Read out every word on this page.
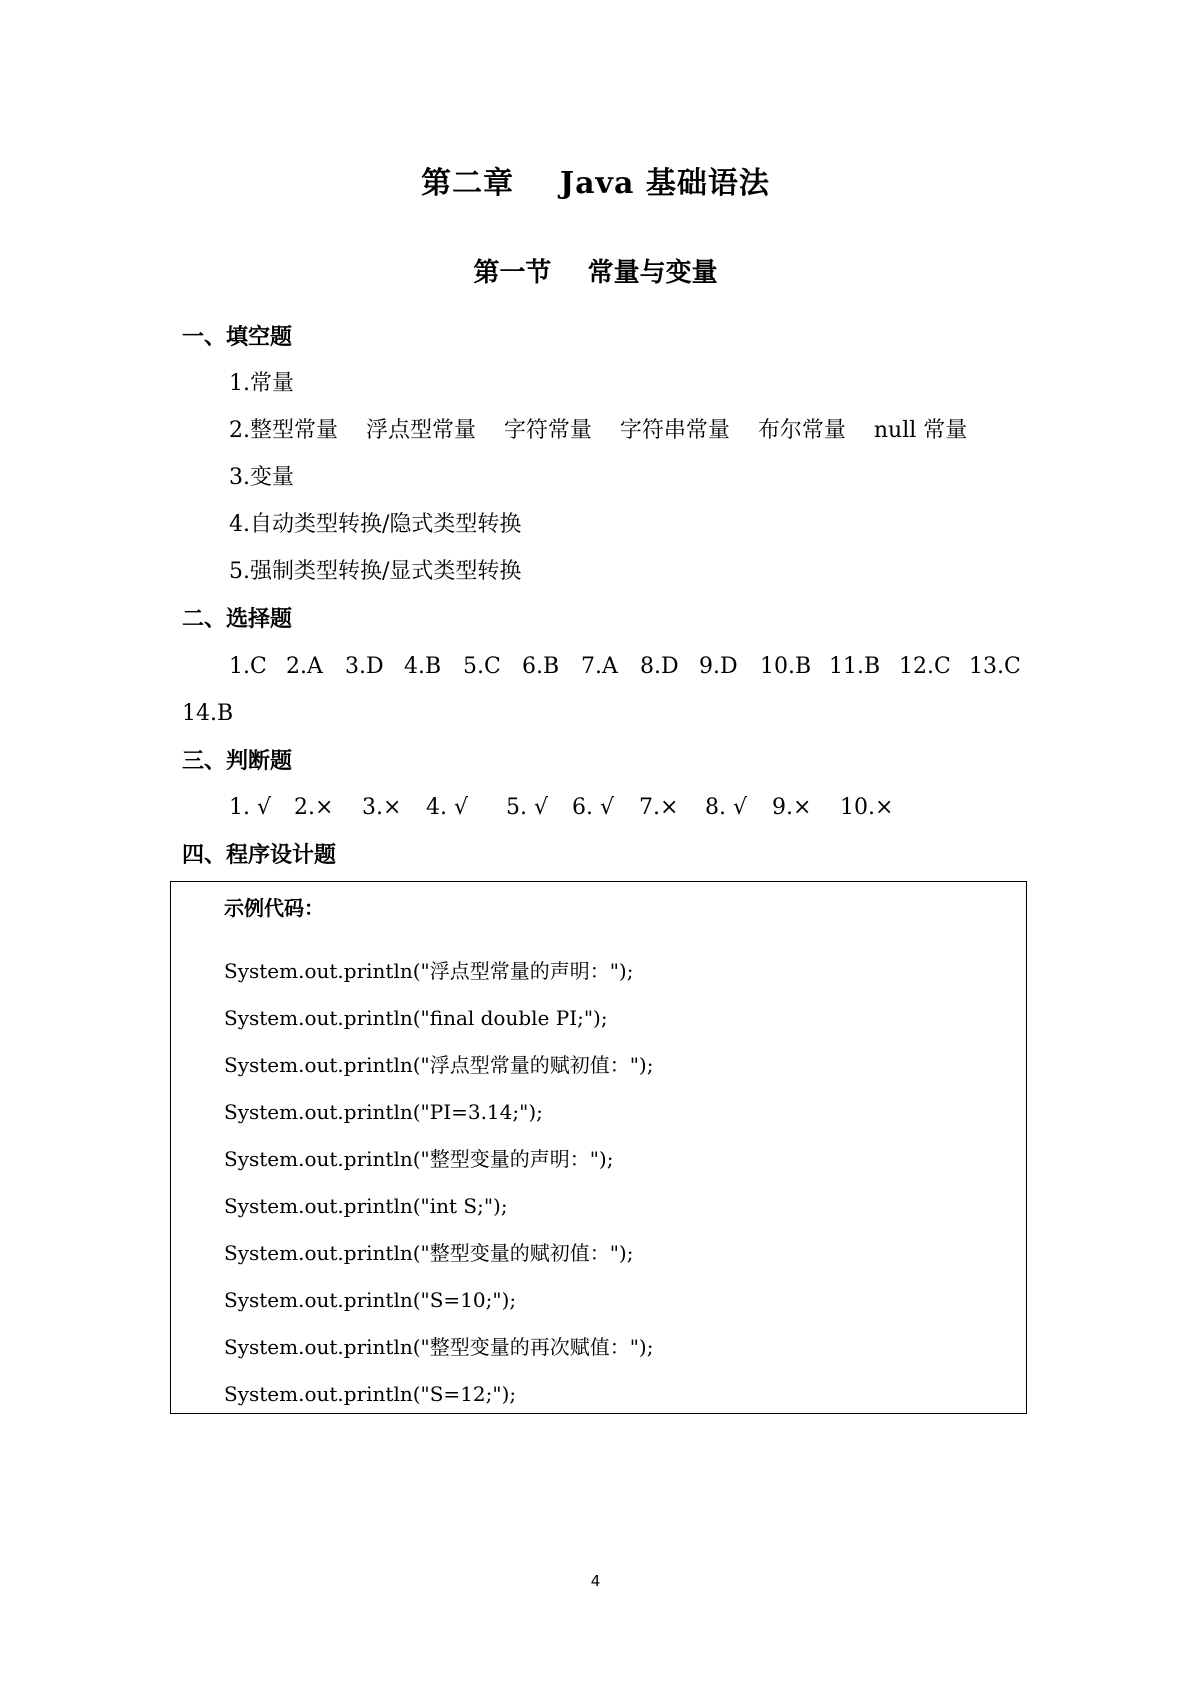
第二章    Java 基础语法
第一节    常量与变量
一、填空题
1.常量
2.整型常量    浮点型常量    字符常量    字符串常量    布尔常量    null 常量
3.变量
4.自动类型转换/隐式类型转换
5.强制类型转换/显式类型转换
二、选择题
1.C 2.A 3.D 4.B 5.C 6.B 7.A 8.D 9.D 10.B 11.B 12.C 13.C
14.B
三、判断题
1. √ 2.× 3.× 4. √ 5. √ 6. √ 7.× 8. √ 9.× 10.×
四、程序设计题
示例代码：
System.out.println("浮点型常量的声明：");
System.out.println("final double PI;");
System.out.println("浮点型常量的赋初值：");
System.out.println("PI=3.14;");
System.out.println("整型变量的声明：");
System.out.println("int S;");
System.out.println("整型变量的赋初值：");
System.out.println("S=10;");
System.out.println("整型变量的再次赋值：");
System.out.println("S=12;");
4
